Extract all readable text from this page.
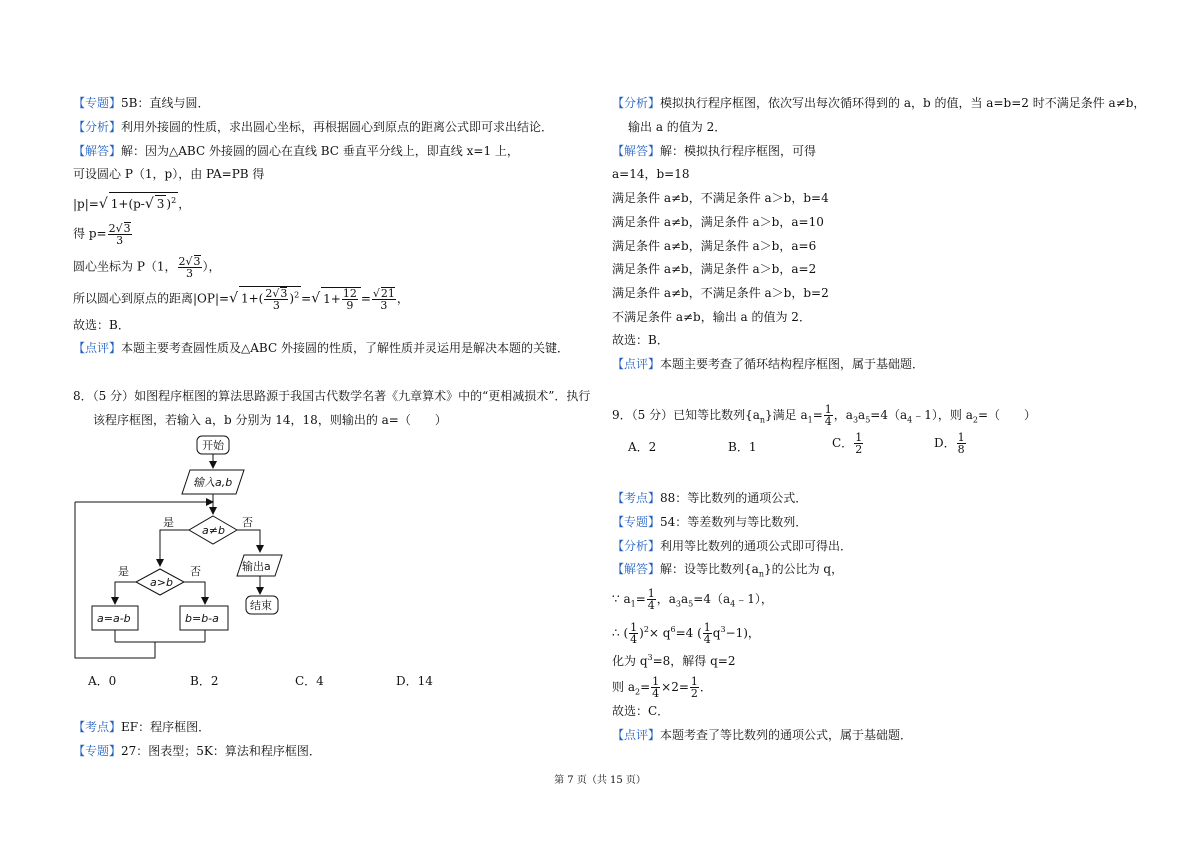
【专题】5B：直线与圆．
【分析】利用外接圆的性质，求出圆心坐标，再根据圆心到原点的距离公式即可求出结论．
【解答】解：因为△ABC 外接圆的圆心在直线 BC 垂直平分线上，即直线 x=1 上，
可设圆心 P（1，p），由 PA=PB 得
|p|=√ 1+(p-√ 3 )$^2$ ，
得 $p= \frac{2√3}{3}$
圆心坐标为 P（1， $\frac{2√3}{3}$ ），
所以圆心到原点的距离|OP|=√ $1+( \frac{2√3}{3} )^2$ =√ $1+ \frac{12}{9} = \frac{√21}{3}$ ，
故选：B．
【点评】本题主要考查圆性质及△ABC 外接圆的性质，了解性质并灵运用是解决本题的关键．
8．（5 分）如图程序框图的算法思路源于我国古代数学名著《九章算术》中的“更相减损术”．执行
该程序框图，若输入 a，b 分别为 14，18，则输出的 a=（　　）
开始
输入a,b
a≠b
是	否
a>b
是	否
a=a-b	b=b-a
输出a
结束
A．0	B．2	C．4	D．14
【考点】EF：程序框图．
【专题】27：图表型；5K：算法和程序框图．
【分析】模拟执行程序框图，依次写出每次循环得到的 a，b 的值，当 a=b=2 时不满足条件 a≠b，
输出 a 的值为 2．
【解答】解：模拟执行程序框图，可得
a=14，b=18
满足条件 a≠b，不满足条件 a＞b，b=4
满足条件 a≠b，满足条件 a＞b，a=10
满足条件 a≠b，满足条件 a＞b，a=6
满足条件 a≠b，满足条件 a＞b，a=2
满足条件 a≠b，不满足条件 a＞b，b=2
不满足条件 a≠b，输出 a 的值为 2．
故选：B．
【点评】本题主要考查了循环结构程序框图，属于基础题．
9．（5 分）已知等比数列$\{a_n\}$满足 $a_1= \frac{1}{4}$ ，$a_3a_5=4(a_4﹣1)$，则 $a_2=$（　　）
A．2	B．1	C． $\frac{1}{2}$	D． $\frac{1}{8}$
【考点】88：等比数列的通项公式．
【专题】54：等差数列与等比数列．
【分析】利用等比数列的通项公式即可得出．
【解答】解：设等比数列$\{a_n\}$的公比为 q，
∵ $a_1= \frac{1}{4}$ ，$a_3a_5=4(a_4﹣1)$，
∴ ( $\frac{1}{4} )^2\times q^6=4$ ( $\frac{1}{4} q^3-1$)，
化为 $q^3=8$，解得 q=2
则 $a_2= \frac{1}{4} \times 2= \frac{1}{2}$ ．
故选：C．
【点评】本题考查了等比数列的通项公式，属于基础题．
第 7 页（共 15 页）
